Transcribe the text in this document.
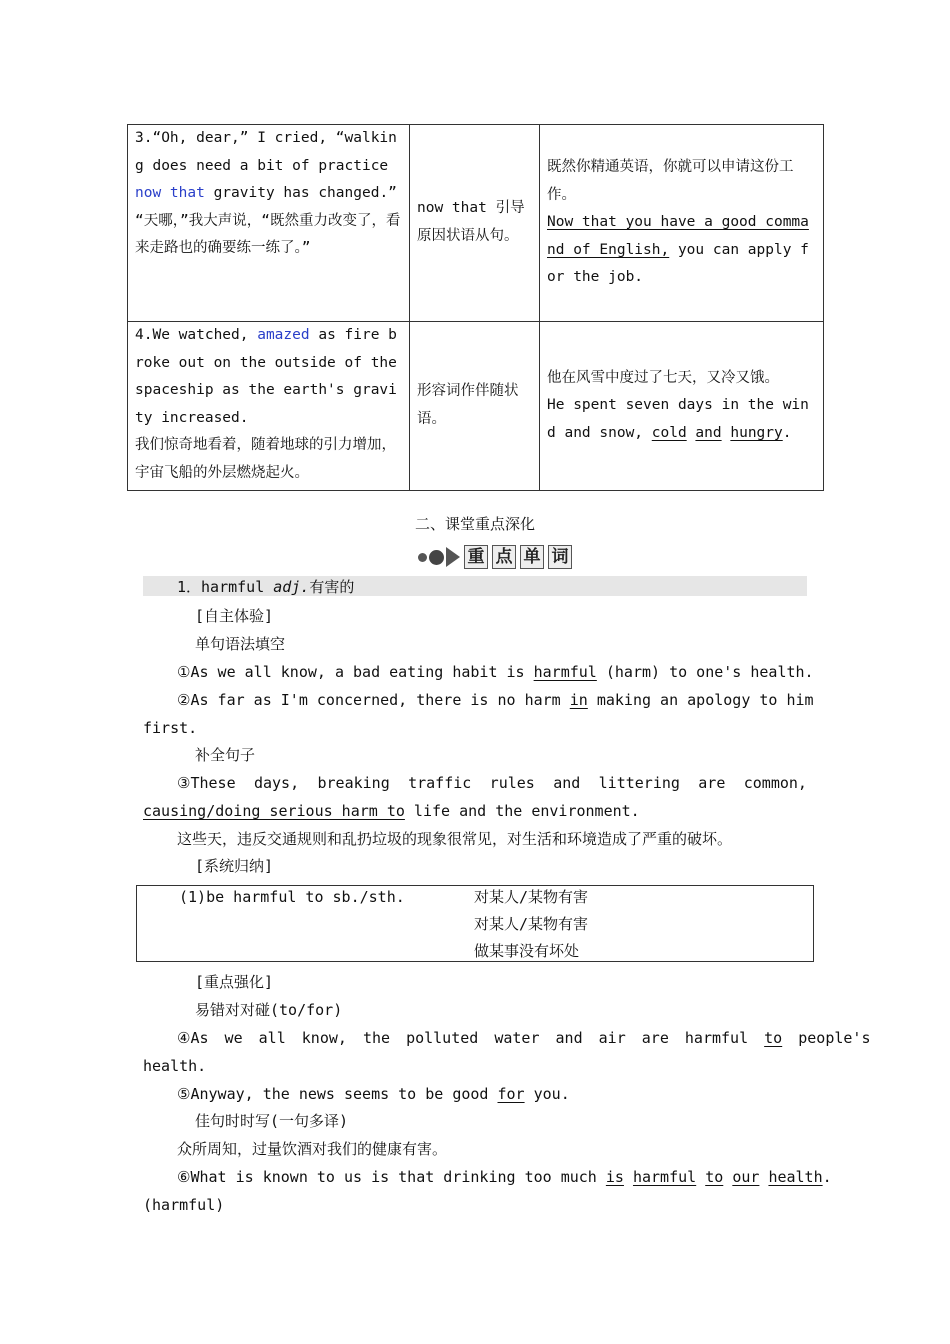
3.“Oh, dear,” I cried, “walking does need a bit of practice now that gravity has changed.”
“天哪，”我大声说，“既然重力改变了，看来走路也的确要练一练了。”	now that 引导原因状语从句。	既然你精通英语，你就可以申请这份工作。
Now that you have a good command of English, you can apply for the job.
4.We watched, amazed as fire broke out on the outside of the spaceship as the earth's gravity increased.
我们惊奇地看着，随着地球的引力增加，宇宙飞船的外层燃烧起火。	形容词作伴随状语。	他在风雪中度过了七天，又冷又饿。
He spent seven days in the wind and snow, cold and hungry.
二、课堂重点深化
重 点 单 词
1．harmful adj.有害的
[自主体验]
单句语法填空
①As we all know, a bad eating habit is harmful (harm) to one's health.
②As far as I'm concerned, there is no harm in making an apology to him
first.
补全句子
③These days, breaking traffic rules and littering are common,
causing/doing serious harm to life and the environment.
这些天，违反交通规则和乱扔垃圾的现象很常见，对生活和环境造成了严重的破坏。
[系统归纳]
(1)be harmful to sb./sth.	对某人/某物有害
对某人/某物有害
做某事没有坏处
[重点强化]
易错对对碰(to/for)
④As we all know, the polluted water and air are harmful to people's
health.
⑤Anyway, the news seems to be good for you.
佳句时时写(一句多译)
众所周知，过量饮酒对我们的健康有害。
⑥What is known to us is that drinking too much is harmful to our health.
(harmful)
